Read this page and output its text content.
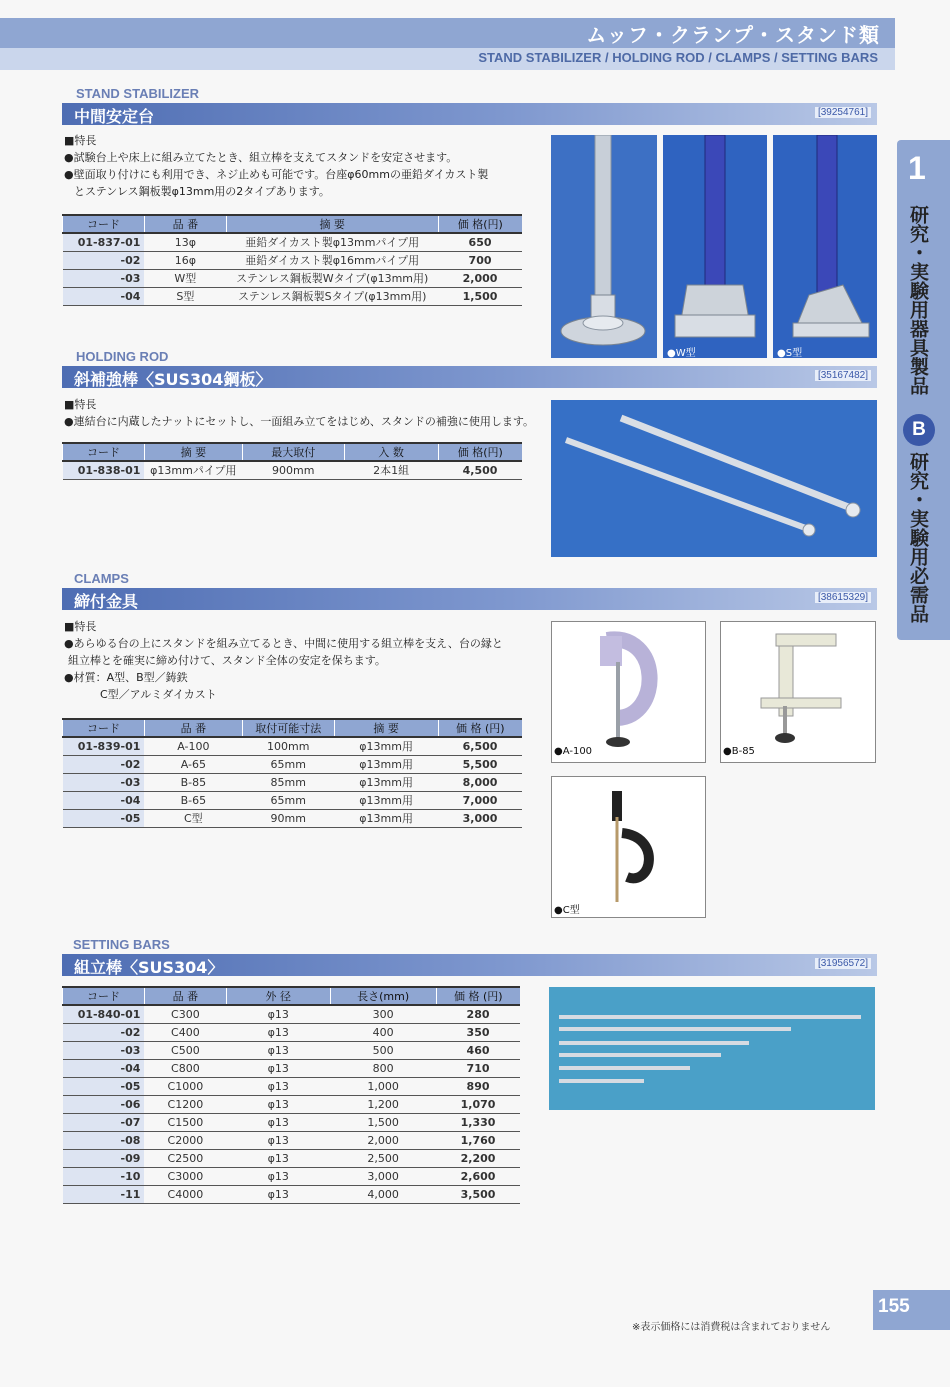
ムッフ・クランプ・スタンド類
STAND STABILIZER / HOLDING ROD / CLAMPS / SETTING BARS
1
研究・実験用器具製品
B
研究・実験用必需品
STAND STABILIZER
中間安定台	[39254761]
■特長
●試験台上や床上に組み立てたとき、組立棒を支えてスタンドを安定させます。
●壁面取り付けにも利用でき、ネジ止めも可能です。台座φ60mmの亜鉛ダイカスト製
とステンレス鋼板製φ13mm用の2タイプあります。
コード	品 番	摘 要	価 格(円)
01-837-01	13φ	亜鉛ダイカスト製φ13mmパイプ用	650
-02	16φ	亜鉛ダイカスト製φ16mmパイプ用	700
-03	W型	ステンレス鋼板製Wタイプ(φ13mm用)	2,000
-04	S型	ステンレス鋼板製Sタイプ(φ13mm用)	1,500
●W型	●S型
HOLDING ROD
斜補強棒〈SUS304鋼板〉	[35167482]
■特長
●連結台に内蔵したナットにセットし、一面組み立てをはじめ、スタンドの補強に使用します。
コード	摘 要	最大取付	入 数	価 格(円)
01-838-01	φ13mmパイプ用	900mm	2本1組	4,500
CLAMPS
締付金具	[38615329]
■特長
●あらゆる台の上にスタンドを組み立てるとき、中間に使用する組立棒を支え、台の縁と
組立棒とを確実に締め付けて、スタンド全体の安定を保ちます。
●材質：A型、B型／鋳鉄
C型／アルミダイカスト
コード	品 番	取付可能寸法	摘 要	価 格 (円)
01-839-01	A-100	100mm	φ13mm用	6,500
-02	A-65	65mm	φ13mm用	5,500
-03	B-85	85mm	φ13mm用	8,000
-04	B-65	65mm	φ13mm用	7,000
-05	C型	90mm	φ13mm用	3,000
●A-100	●B-85
●C型
SETTING BARS
組立棒〈SUS304〉	[31956572]
コード	品 番	外 径	長さ(mm)	価 格 (円)
01-840-01	C300	φ13	300	280
-02	C400	φ13	400	350
-03	C500	φ13	500	460
-04	C800	φ13	800	710
-05	C1000	φ13	1,000	890
-06	C1200	φ13	1,200	1,070
-07	C1500	φ13	1,500	1,330
-08	C2000	φ13	2,000	1,760
-09	C2500	φ13	2,500	2,200
-10	C3000	φ13	3,000	2,600
-11	C4000	φ13	4,000	3,500
155
※表示価格には消費税は含まれておりません
